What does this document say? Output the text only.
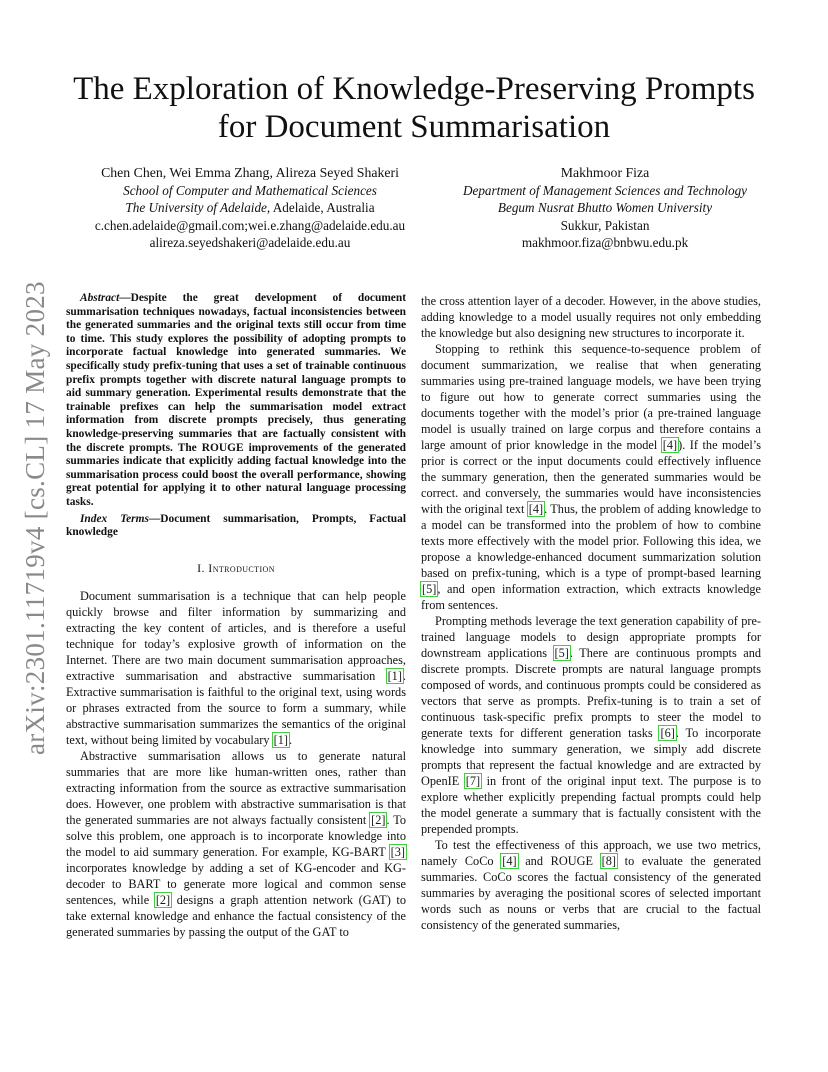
The Exploration of Knowledge-Preserving Prompts
for Document Summarisation
Chen Chen, Wei Emma Zhang, Alireza Seyed Shakeri
School of Computer and Mathematical Sciences
The University of Adelaide, Adelaide, Australia
c.chen.adelaide@gmail.com;wei.e.zhang@adelaide.edu.au
alireza.seyedshakeri@adelaide.edu.au
Makhmoor Fiza
Department of Management Sciences and Technology
Begum Nusrat Bhutto Women University
Sukkur, Pakistan
makhmoor.fiza@bnbwu.edu.pk
arXiv:2301.11719v4 [cs.CL] 17 May 2023	Abstract—Despite the great development of document summarisation techniques nowadays, factual inconsistencies between the generated summaries and the original texts still occur from time to time. This study explores the possibility of adopting prompts to incorporate factual knowledge into generated summaries. We specifically study prefix-tuning that uses a set of trainable continuous prefix prompts together with discrete natural language prompts to aid summary generation. Experimental results demonstrate that the trainable prefixes can help the summarisation model extract information from discrete prompts precisely, thus generating knowledge-preserving summaries that are factually consistent with the discrete prompts. The ROUGE improvements of the generated summaries indicate that explicitly adding factual knowledge into the summarisation process could boost the overall performance, showing great potential for applying it to other natural language processing tasks.

Index Terms—Document summarisation, Prompts, Factual knowledge

I. Introduction

Document summarisation is a technique that can help people quickly browse and filter information by summarizing and extracting the key content of articles, and is therefore a useful technique for today’s explosive growth of information on the Internet. There are two main document summarisation approaches, extractive summarisation and abstractive summarisation [1]. Extractive summarisation is faithful to the original text, using words or phrases extracted from the source to form a summary, while abstractive summarisation summarizes the semantics of the original text, without being limited by vocabulary [1].

Abstractive summarisation allows us to generate natural summaries that are more like human-written ones, rather than extracting information from the source as extractive summarisation does. However, one problem with abstractive summarisation is that the generated summaries are not always factually consistent [2]. To solve this problem, one approach is to incorporate knowledge into the model to aid summary generation. For example, KG-BART [3] incorporates knowledge by adding a set of KG-encoder and KG-decoder to BART to generate more logical and common sense sentences, while [2] designs a graph attention network (GAT) to take external knowledge and enhance the factual consistency of the generated summaries by passing the output of the GAT to

the cross attention layer of a decoder. However, in the above studies, adding knowledge to a model usually requires not only embedding the knowledge but also designing new structures to incorporate it.

Stopping to rethink this sequence-to-sequence problem of document summarization, we realise that when generating summaries using pre-trained language models, we have been trying to figure out how to generate correct summaries using the documents together with the model’s prior (a pre-trained language model is usually trained on large corpus and therefore contains a large amount of prior knowledge in the model [4]). If the model’s prior is correct or the input documents could effectively influence the summary generation, then the generated summaries would be correct. and conversely, the summaries would have inconsistencies with the original text [4]. Thus, the problem of adding knowledge to a model can be transformed into the problem of how to combine texts more effectively with the model prior. Following this idea, we propose a knowledge-enhanced document summarization solution based on prefix-tuning, which is a type of prompt-based learning [5], and open information extraction, which extracts knowledge from sentences.

Prompting methods leverage the text generation capability of pre-trained language models to design appropriate prompts for downstream applications [5]. There are continuous prompts and discrete prompts. Discrete prompts are natural language prompts composed of words, and continuous prompts could be considered as vectors that serve as prompts. Prefix-tuning is to train a set of continuous task-specific prefix prompts to steer the model to generate texts for different generation tasks [6]. To incorporate knowledge into summary generation, we simply add discrete prompts that represent the factual knowledge and are extracted by OpenIE [7] in front of the original input text. The purpose is to explore whether explicitly prepending factual prompts could help the model generate a summary that is factually consistent with the prepended prompts.

To test the effectiveness of this approach, we use two metrics, namely CoCo [4] and ROUGE [8] to evaluate the generated summaries. CoCo scores the factual consistency of the generated summaries by averaging the positional scores of selected important words such as nouns or verbs that are crucial to the factual consistency of the generated summaries,
